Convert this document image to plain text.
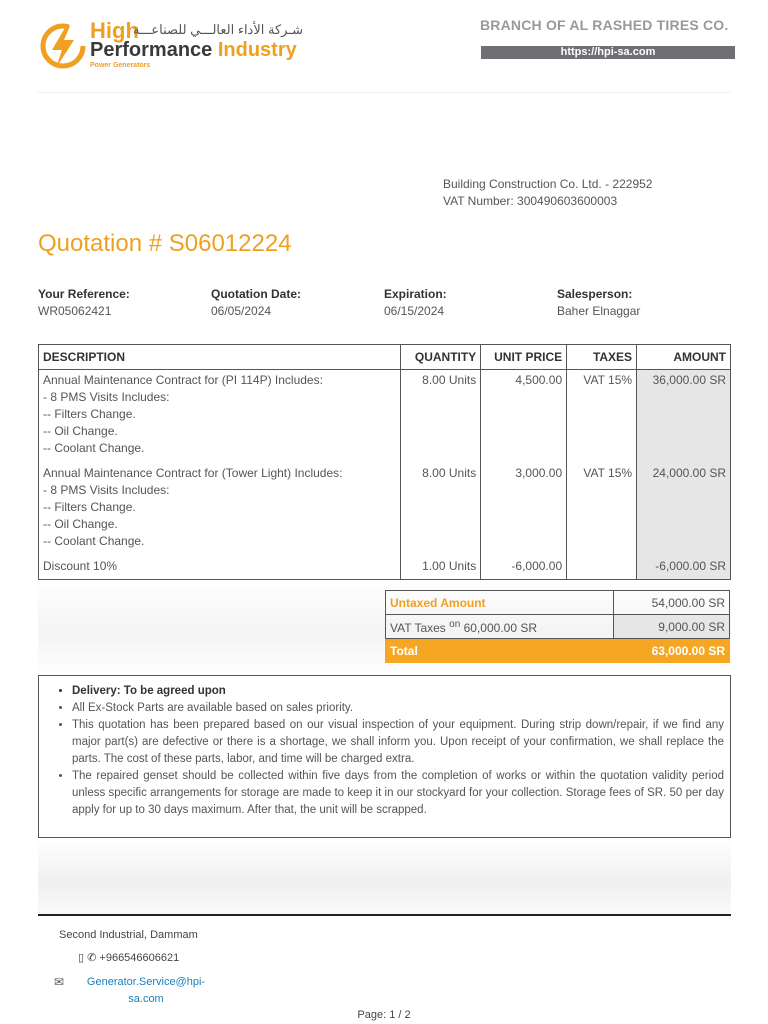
High
شـركة الأداء العالـــي للصناعـــة
Performance Industry
Power Generators
BRANCH OF AL RASHED TIRES CO.
https://hpi-sa.com
Building Construction Co. Ltd. - 222952
VAT Number: 300490603600003
Quotation # S06012224
Your Reference:
WR05062421
Quotation Date:
06/05/2024
Expiration:
06/15/2024
Salesperson:
Baher Elnaggar
DESCRIPTION	QUANTITY	UNIT PRICE	TAXES	AMOUNT

Annual Maintenance Contract for (PI 114P) Includes:
- 8 PMS Visits Includes:
-- Filters Change.
-- Oil Change.
-- Coolant Change.	8.00 Units	4,500.00	VAT 15%	36,000.00 SR

Annual Maintenance Contract for (Tower Light) Includes:
- 8 PMS Visits Includes:
-- Filters Change.
-- Oil Change.
-- Coolant Change.	8.00 Units	3,000.00	VAT 15%	24,000.00 SR
Discount 10%	1.00 Units	-6,000.00		-6,000.00 SR
Untaxed Amount	54,000.00 SR
VAT Taxes $^{on}$ 60,000.00 SR	9,000.00 SR
Total	63,000.00 SR
• Delivery: To be agreed upon
• All Ex-Stock Parts are available based on sales priority.
• This quotation has been prepared based on our visual inspection of your equipment. During strip down/repair, if we find any major part(s) are defective or there is a shortage, we shall inform you. Upon receipt of your confirmation, we shall replace the parts. The cost of these parts, labor, and time will be charged extra.
• The repaired genset should be collected within five days from the completion of works or within the quotation validity period unless specific arrangements for storage are made to keep it in our stockyard for your collection. Storage fees of SR. 50 per day apply for up to 30 days maximum. After that, the unit will be scrapped.
Second Industrial, Dammam
▯ ✆ +966546606621
✉	Generator.Service@hpi-sa.com
Page: 1 / 2
